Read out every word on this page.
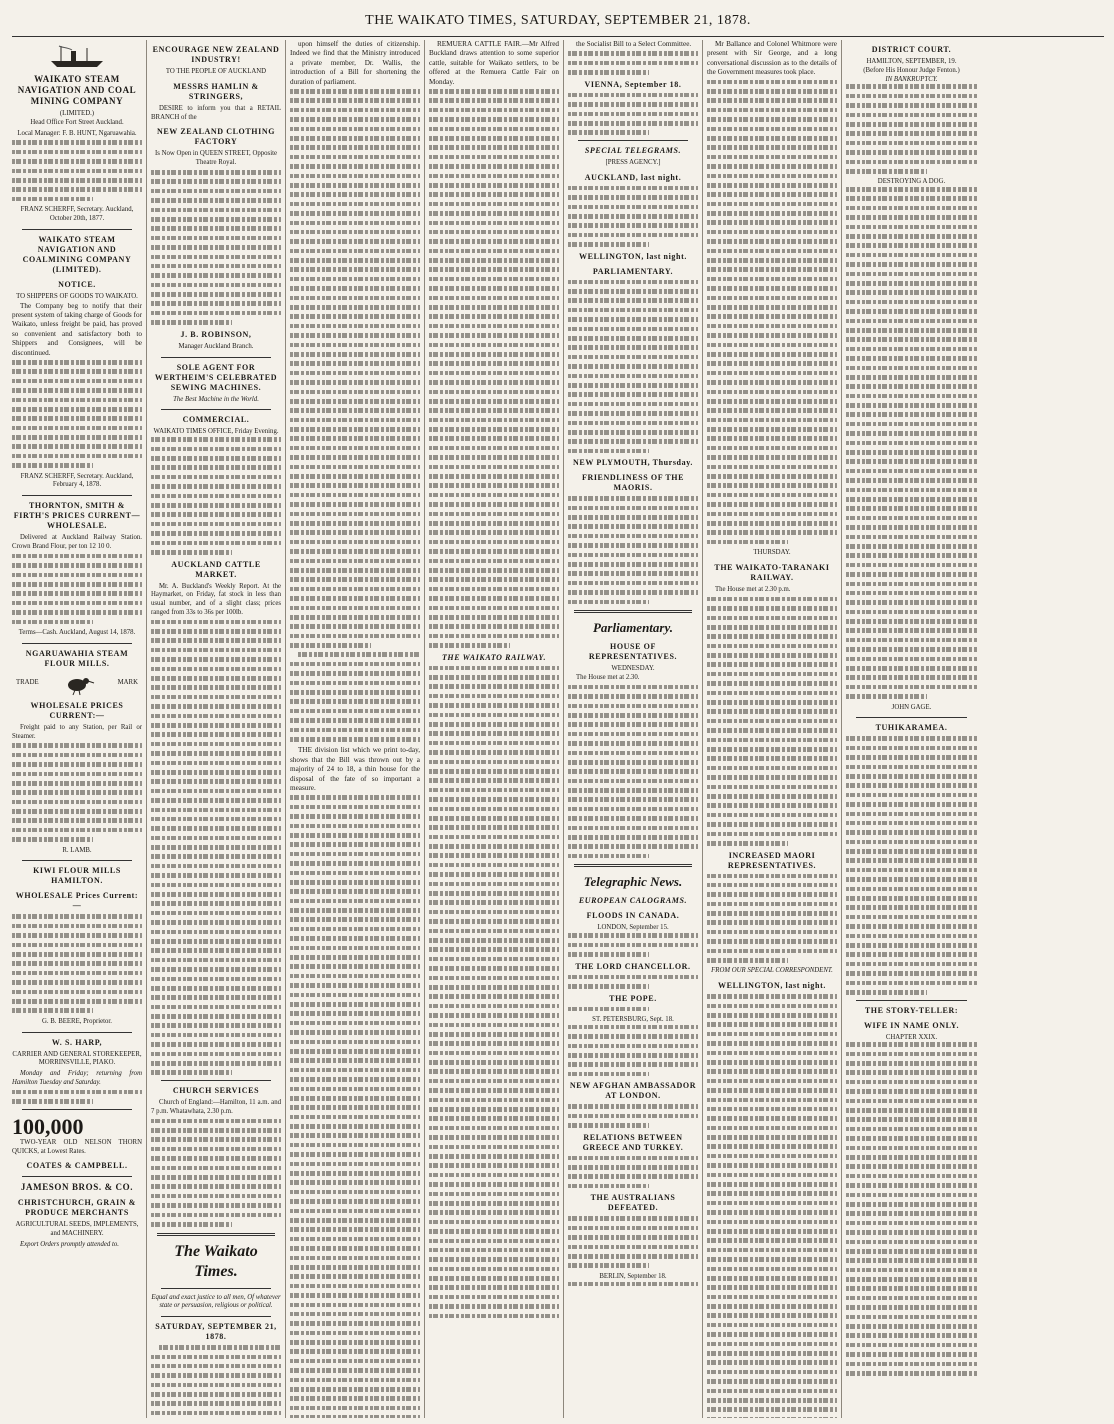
THE WAIKATO TIMES, SATURDAY, SEPTEMBER 21, 1878.
WAIKATO STEAM NAVIGATION AND COAL MINING COMPANY
(LIMITED.)

Head Office Fort Street Auckland.

Local Manager: F. B. HUNT, Ngaruawahia.

FRANZ SCHERFF, Secretary. Auckland, October 20th, 1877.

WAIKATO STEAM NAVIGATION AND COALMINING COMPANY (LIMITED).
NOTICE.
TO SHIPPERS OF GOODS TO WAIKATO.

The Company beg to notify that their present system of taking charge of Goods for Waikato, unless freight be paid, has proved so convenient and satisfactory both to Shippers and Consignees, will be discontinued.

FRANZ SCHERFF, Secretary. Auckland, February 4, 1878.

THORNTON, SMITH & FIRTH'S PRICES CURRENT—WHOLESALE.

Delivered at Auckland Railway Station. Crown Brand Flour, per ton 12 10 0.

Terms—Cash. Auckland, August 14, 1878.

NGARUAWAHIA STEAM FLOUR MILLS.
TRADE	MARK
WHOLESALE PRICES CURRENT:—

Freight paid to any Station, per Rail or Steamer.

R. LAMB.

KIWI FLOUR MILLS HAMILTON.
WHOLESALE Prices Current:—

G. B. BEERE, Proprietor.

W. S. HARP,

CARRIER AND GENERAL STOREKEEPER, MORRINSVILLE, PIAKO.

Monday and Friday; returning from Hamilton Tuesday and Saturday.

100,000

TWO-YEAR OLD NELSON THORN QUICKS, at Lowest Rates.

COATES & CAMPBELL.
JAMESON BROS. & CO.
CHRISTCHURCH, GRAIN & PRODUCE MERCHANTS

AGRICULTURAL SEEDS, IMPLEMENTS, and MACHINERY.

Export Orders promptly attended to.

ENCOURAGE NEW ZEALAND INDUSTRY!
TO THE PEOPLE OF AUCKLAND
MESSRS HAMLIN & STRINGERS,

DESIRE to inform you that a RETAIL BRANCH of the

NEW ZEALAND CLOTHING FACTORY

Is Now Open in QUEEN STREET, Opposite Theatre Royal.

J. B. ROBINSON,
Manager Auckland Branch.
SOLE AGENT FOR WERTHEIM'S CELEBRATED SEWING MACHINES.
The Best Machine in the World.
COMMERCIAL.
WAIKATO TIMES OFFICE, Friday Evening.
AUCKLAND CATTLE MARKET.

Mr. A. Buckland's Weekly Report. At the Haymarket, on Friday, fat stock in less than usual number, and of a slight class; prices ranged from 33s to 36s per 100lb.

CHURCH SERVICES

Church of England:—Hamilton, 11 a.m. and 7 p.m. Whatawhata, 2.30 p.m.

The Waikato Times.

Equal and exact justice to all men, Of whatever state or persuasion, religious or political.

SATURDAY, SEPTEMBER 21, 1878.

upon himself the duties of citizenship. Indeed we find that the Ministry introduced a private member, Dr. Wallis, the introduction of a Bill for shortening the duration of parliament.

THE division list which we print to-day, shows that the Bill was thrown out by a majority of 24 to 18, a thin house for the disposal of the fate of so important a measure.

REMUERA CATTLE FAIR.—Mr Alfred Buckland draws attention to some superior cattle, suitable for Waikato settlers, to be offered at the Remuera Cattle Fair on Monday.

THE WAIKATO RAILWAY.

the Socialist Bill to a Select Committee.

VIENNA, September 18.
SPECIAL TELEGRAMS.
[PRESS AGENCY.]
AUCKLAND, last night.
WELLINGTON, last night.
PARLIAMENTARY.
NEW PLYMOUTH, Thursday.
FRIENDLINESS OF THE MAORIS.
Parliamentary.
HOUSE OF REPRESENTATIVES.
WEDNESDAY.

The House met at 2.30.

Telegraphic News.
EUROPEAN CALOGRAMS.
FLOODS IN CANADA.
LONDON, September 15.
THE LORD CHANCELLOR.
THE POPE.
ST. PETERSBURG, Sept. 18.
NEW AFGHAN AMBASSADOR AT LONDON.
RELATIONS BETWEEN GREECE AND TURKEY.
THE AUSTRALIANS DEFEATED.
BERLIN, September 18.

Mr Ballance and Colonel Whitmore were present with Sir George, and a long conversational discussion as to the details of the Government measures took place.

THURSDAY.
THE WAIKATO-TARANAKI RAILWAY.

The House met at 2.30 p.m.

INCREASED MAORI REPRESENTATIVES.
FROM OUR SPECIAL CORRESPONDENT.
WELLINGTON, last night.
DISTRICT COURT.
HAMILTON, SEPTEMBER, 19.
(Before His Honour Judge Fenton.)
IN BANKRUPTCY.
DESTROYING A DOG.
JOHN GAGE.
TUHIKARAMEA.
THE STORY-TELLER:
WIFE IN NAME ONLY.
CHAPTER XXIX.
